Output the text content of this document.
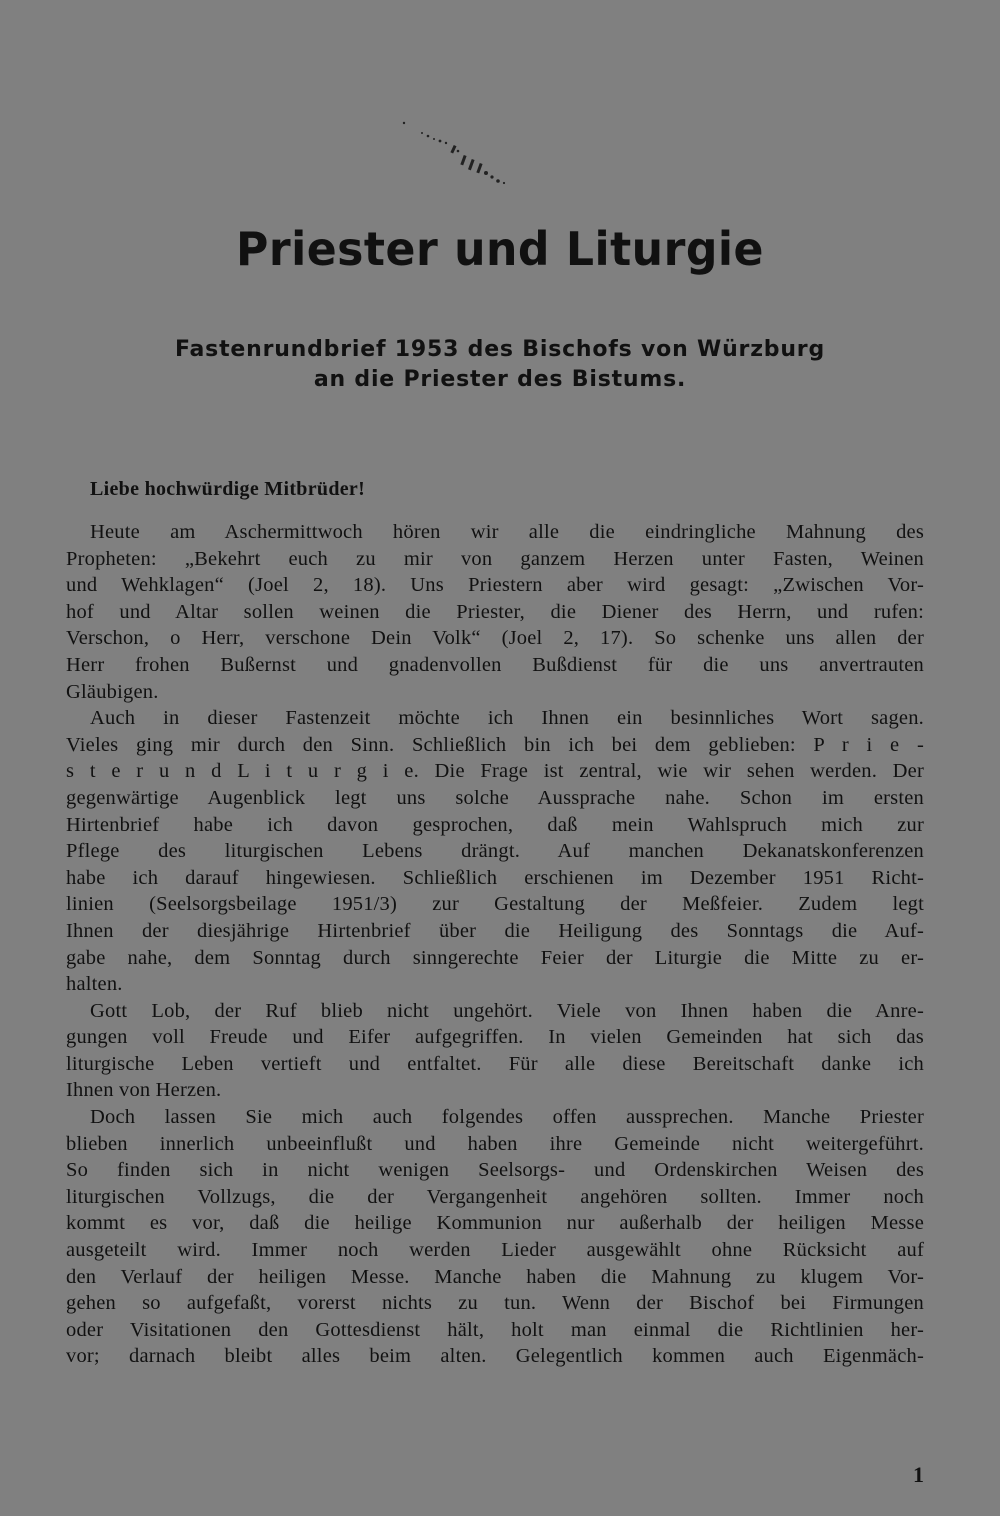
Priester und Liturgie
Fastenrundbrief 1953 des Bischofs von Würzburg
an die Priester des Bistums.
Liebe hochwürdige Mitbrüder!
Heute am Aschermittwoch hören wir alle die eindringliche Mahnung des
Propheten: „Bekehrt euch zu mir von ganzem Herzen unter Fasten, Weinen
und Wehklagen“ (Joel 2, 18). Uns Priestern aber wird gesagt: „Zwischen Vor-
hof und Altar sollen weinen die Priester, die Diener des Herrn, und rufen:
Verschon, o Herr, verschone Dein Volk“ (Joel 2, 17). So schenke uns allen der
Herr frohen Bußernst und gnadenvollen Bußdienst für die uns anvertrauten
Gläubigen.
Auch in dieser Fastenzeit möchte ich Ihnen ein besinnliches Wort sagen.
Vieles ging mir durch den Sinn. Schließlich bin ich bei dem geblieben: P r i e -
s t e r u n d L i t u r g i e. Die Frage ist zentral, wie wir sehen werden. Der
gegenwärtige Augenblick legt uns solche Aussprache nahe. Schon im ersten
Hirtenbrief habe ich davon gesprochen, daß mein Wahlspruch mich zur
Pflege des liturgischen Lebens drängt. Auf manchen Dekanatskonferenzen
habe ich darauf hingewiesen. Schließlich erschienen im Dezember 1951 Richt-
linien (Seelsorgsbeilage 1951/3) zur Gestaltung der Meßfeier. Zudem legt
Ihnen der diesjährige Hirtenbrief über die Heiligung des Sonntags die Auf-
gabe nahe, dem Sonntag durch sinngerechte Feier der Liturgie die Mitte zu er-
halten.
Gott Lob, der Ruf blieb nicht ungehört. Viele von Ihnen haben die Anre-
gungen voll Freude und Eifer aufgegriffen. In vielen Gemeinden hat sich das
liturgische Leben vertieft und entfaltet. Für alle diese Bereitschaft danke ich
Ihnen von Herzen.
Doch lassen Sie mich auch folgendes offen aussprechen. Manche Priester
blieben innerlich unbeeinflußt und haben ihre Gemeinde nicht weitergeführt.
So finden sich in nicht wenigen Seelsorgs- und Ordenskirchen Weisen des
liturgischen Vollzugs, die der Vergangenheit angehören sollten. Immer noch
kommt es vor, daß die heilige Kommunion nur außerhalb der heiligen Messe
ausgeteilt wird. Immer noch werden Lieder ausgewählt ohne Rücksicht auf
den Verlauf der heiligen Messe. Manche haben die Mahnung zu klugem Vor-
gehen so aufgefaßt, vorerst nichts zu tun. Wenn der Bischof bei Firmungen
oder Visitationen den Gottesdienst hält, holt man einmal die Richtlinien her-
vor; darnach bleibt alles beim alten. Gelegentlich kommen auch Eigenmäch-
1
